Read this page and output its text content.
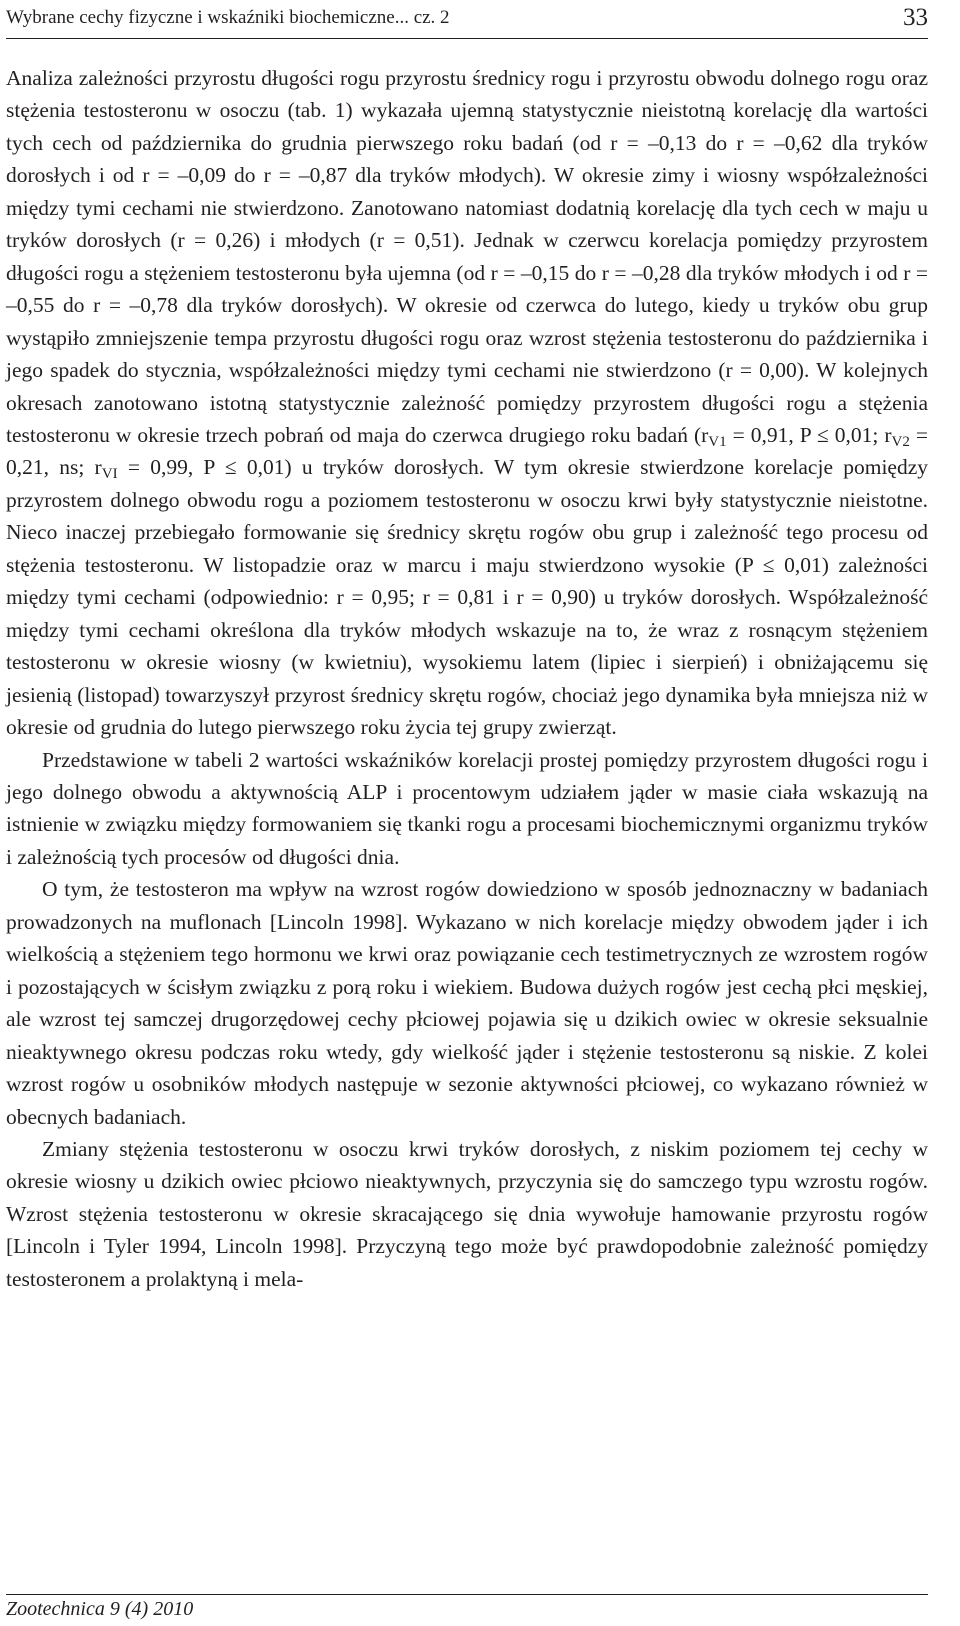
Wybrane cechy fizyczne i wskaźniki biochemiczne... cz. 2	33

Analiza zależności przyrostu długości rogu przyrostu średnicy rogu i przyrostu obwodu dolnego rogu oraz stężenia testosteronu w osoczu (tab. 1) wykazała ujemną statystycznie nieistotną korelację dla wartości tych cech od października do grudnia pierwszego roku badań (od r = –0,13 do r = –0,62 dla tryków dorosłych i od r = –0,09 do r = –0,87 dla tryków młodych). W okresie zimy i wiosny współzależności między tymi cechami nie stwierdzono. Zanotowano natomiast dodatnią korelację dla tych cech w maju u tryków dorosłych (r = 0,26) i młodych (r = 0,51). Jednak w czerwcu korelacja pomiędzy przyrostem długości rogu a stężeniem testosteronu była ujemna (od r = –0,15 do r = –0,28 dla tryków młodych i od r = –0,55 do r = –0,78 dla tryków dorosłych). W okresie od czerwca do lutego, kiedy u tryków obu grup wystąpiło zmniejszenie tempa przyrostu długości rogu oraz wzrost stężenia testosteronu do października i jego spadek do stycznia, współzależności między tymi cechami nie stwierdzono (r = 0,00). W kolejnych okresach zanotowano istotną statystycznie zależność pomiędzy przyrostem długości rogu a stężenia testosteronu w okresie trzech pobrań od maja do czerwca drugiego roku badań ($r_{V1} = 0,91$, P ≤ 0,01; $r_{V2} = 0,21$, ns; $r_{VI} = 0,99$, P ≤ 0,01) u tryków dorosłych. W tym okresie stwierdzone korelacje pomiędzy przyrostem dolnego obwodu rogu a poziomem testosteronu w osoczu krwi były statystycznie nieistotne. Nieco inaczej przebiegało formowanie się średnicy skrętu rogów obu grup i zależność tego procesu od stężenia testosteronu. W listopadzie oraz w marcu i maju stwierdzono wysokie (P ≤ 0,01) zależności między tymi cechami (odpowiednio: r = 0,95; r = 0,81 i r = 0,90) u tryków dorosłych. Współzależność między tymi cechami określona dla tryków młodych wskazuje na to, że wraz z rosnącym stężeniem testosteronu w okresie wiosny (w kwietniu), wysokiemu latem (lipiec i sierpień) i obniżającemu się jesienią (listopad) towarzyszył przyrost średnicy skrętu rogów, chociaż jego dynamika była mniejsza niż w okresie od grudnia do lutego pierwszego roku życia tej grupy zwierząt.

Przedstawione w tabeli 2 wartości wskaźników korelacji prostej pomiędzy przyrostem długości rogu i jego dolnego obwodu a aktywnością ALP i procentowym udziałem jąder w masie ciała wskazują na istnienie w związku między formowaniem się tkanki rogu a procesami biochemicznymi organizmu tryków i zależnością tych procesów od długości dnia.

O tym, że testosteron ma wpływ na wzrost rogów dowiedziono w sposób jednoznaczny w badaniach prowadzonych na muflonach [Lincoln 1998]. Wykazano w nich korelacje między obwodem jąder i ich wielkością a stężeniem tego hormonu we krwi oraz powiązanie cech testimetrycznych ze wzrostem rogów i pozostających w ścisłym związku z porą roku i wiekiem. Budowa dużych rogów jest cechą płci męskiej, ale wzrost tej samczej drugorzędowej cechy płciowej pojawia się u dzikich owiec w okresie seksualnie nieaktywnego okresu podczas roku wtedy, gdy wielkość jąder i stężenie testosteronu są niskie. Z kolei wzrost rogów u osobników młodych następuje w sezonie aktywności płciowej, co wykazano również w obecnych badaniach.

Zmiany stężenia testosteronu w osoczu krwi tryków dorosłych, z niskim poziomem tej cechy w okresie wiosny u dzikich owiec płciowo nieaktywnych, przyczynia się do samczego typu wzrostu rogów. Wzrost stężenia testosteronu w okresie skracającego się dnia wywołuje hamowanie przyrostu rogów [Lincoln i Tyler 1994, Lincoln 1998]. Przyczyną tego może być prawdopodobnie zależność pomiędzy testosteronem a prolaktyną i mela-

Zootechnica 9 (4) 2010
